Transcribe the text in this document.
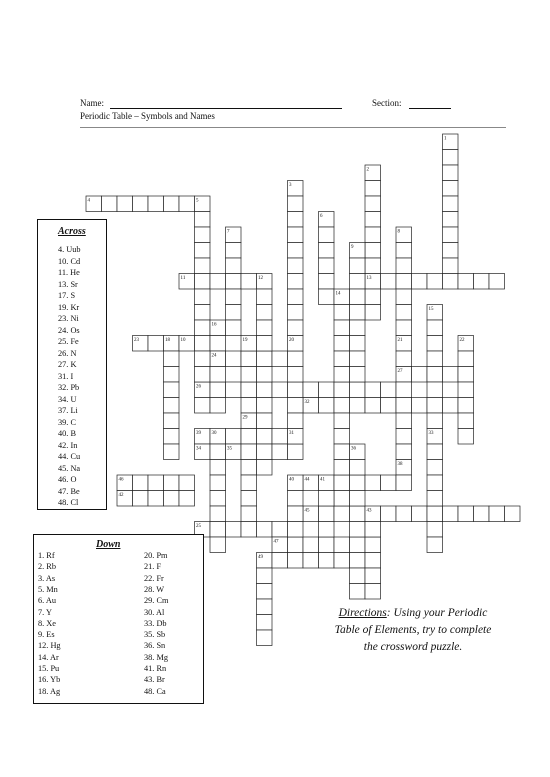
Name:	Section:
Periodic Table – Symbols and Names
4
11	13
23
24
27
26
32
39
34
46	44
42
45
25
47
49
1
2
3
5
6
7	8
9
12
14
15
16
18	19	20	21	22
29
30	33
36
40	41
43
10
31
35
38
Across
4. Uub
10. Cd
11. He
13. Sr
17. S
19. Kr
23. Ni
24. Os
25. Fe
26. N
27. K
31. I
32. Pb
34. U
37. Li
39. C
40. B
42. In
44. Cu
45. Na
46. O
47. Be
48. Cl
Down
1. Rf
2. Rb
3. As
5. Mn
6. Au
7. Y
8. Xe
9. Es
12. Hg
14. Ar
15. Pu
16. Yb
18. Ag
20. Pm
21. F
22. Fr
28. W
29. Cm
30. Al
33. Db
35. Sb
36. Sn
38. Mg
41. Rn
43. Br
48. Ca
Directions: Using your Periodic
Table of Elements, try to complete
the crossword puzzle.
